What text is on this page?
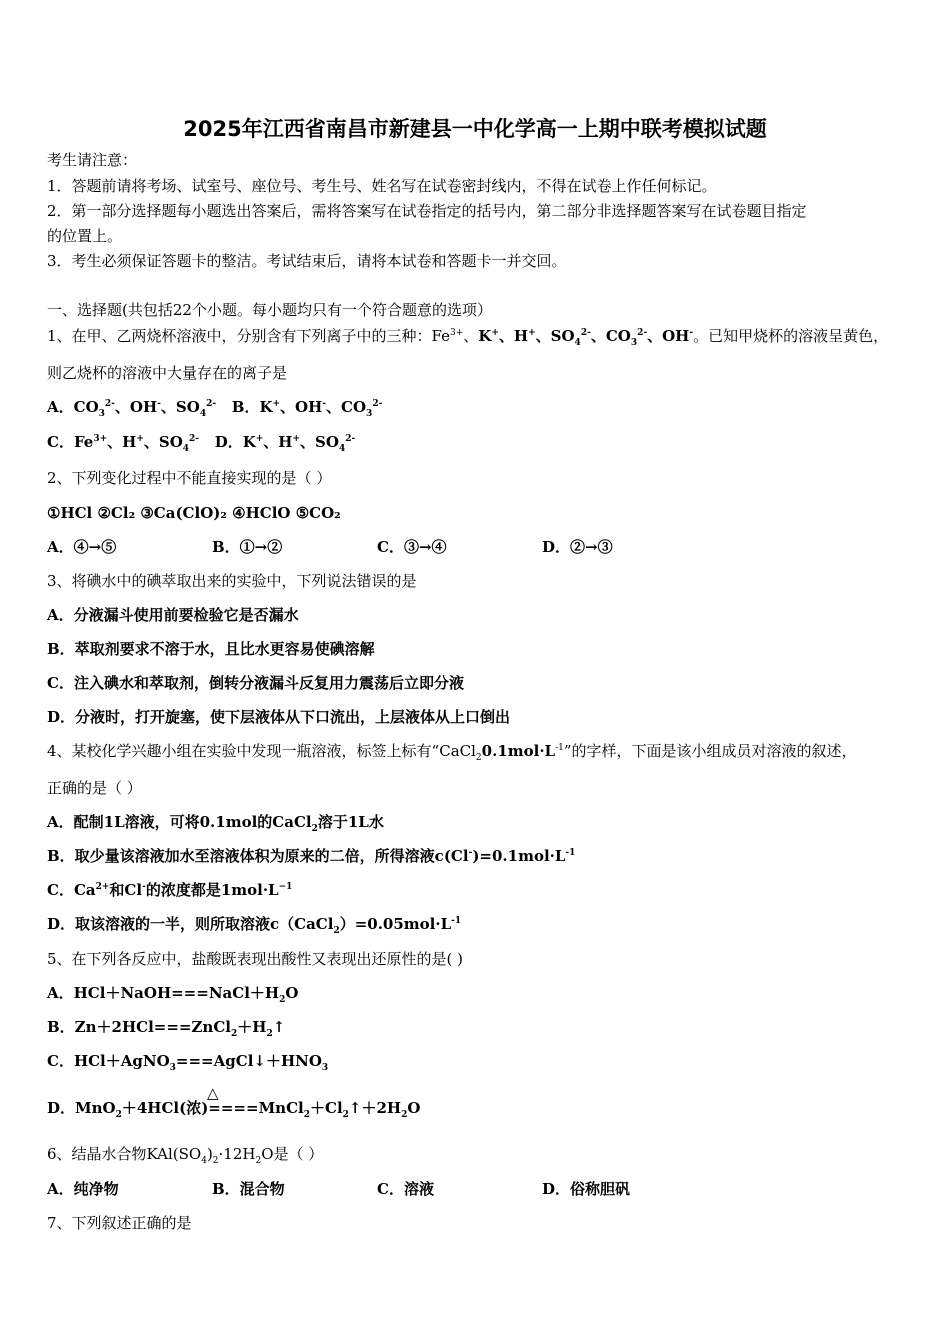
2025年江西省南昌市新建县一中化学高一上期中联考模拟试题
考生请注意：
1．答题前请将考场、试室号、座位号、考生号、姓名写在试卷密封线内，不得在试卷上作任何标记。
2．第一部分选择题每小题选出答案后，需将答案写在试卷指定的括号内，第二部分非选择题答案写在试卷题目指定
的位置上。
3．考生必须保证答题卡的整洁。考试结束后，请将本试卷和答题卡一并交回。
一、选择题(共包括22个小题。每小题均只有一个符合题意的选项）
1、在甲、乙两烧杯溶液中，分别含有下列离子中的三种：$Fe^{3+}$、K+、H+、$SO_4^{2-}$、$CO_3^{2-}$、OH-。已知甲烧杯的溶液呈黄色，
则乙烧杯的溶液中大量存在的离子是
A．$CO_3^{2-}$、OH-、$SO_4^{2-}$   B．K+、OH-、$CO_3^{2-}$
C．$Fe^{3+}$、H+、$SO_4^{2-}$   D．K+、H+、$SO_4^{2-}$
2、下列变化过程中不能直接实现的是（ ）
①HCl ②Cl₂ ③Ca(ClO)₂ ④HClO ⑤CO₂
A．④→⑤	B．①→②	C．③→④	D．②→③
3、将碘水中的碘萃取出来的实验中，下列说法错误的是
A．分液漏斗使用前要检验它是否漏水
B．萃取剂要求不溶于水，且比水更容易使碘溶解
C．注入碘水和萃取剂，倒转分液漏斗反复用力震荡后立即分液
D．分液时，打开旋塞，使下层液体从下口流出，上层液体从上口倒出
4、某校化学兴趣小组在实验中发现一瓶溶液，标签上标有“$CaCl_20.1mol\cdot L^{-1}$”的字样，下面是该小组成员对溶液的叙述，
正确的是（ ）
A．配制1L溶液，可将0.1mol的CaCl$_2$溶于1L水
B．取少量该溶液加水至溶液体积为原来的二倍，所得溶液$c(Cl^-)=0.1mol\cdot L^{-1}$
C．$Ca^{2+}$和Cl-的浓度都是$1mol\cdot L^{-1}$
D．取该溶液的一半，则所取溶液$c(CaCl_2)=0.05mol\cdot L^{-1}$
5、在下列各反应中，盐酸既表现出酸性又表现出还原性的是( )
A．$HCl+NaOH===NaCl+H_2O$
B．$Zn+2HCl===ZnCl_2+H_2↑$
C．$HCl+AgNO_3===AgCl↓+HNO_3$
△
D．MnO$_2$＋4HCl(浓)$====MnCl_2+Cl_2↑+2H_2O$
6、结晶水合物$KAl(SO_4)_2\cdot 12H_2O$是（ ）
A．纯净物	B．混合物	C．溶液	D．俗称胆矾
7、下列叙述正确的是
